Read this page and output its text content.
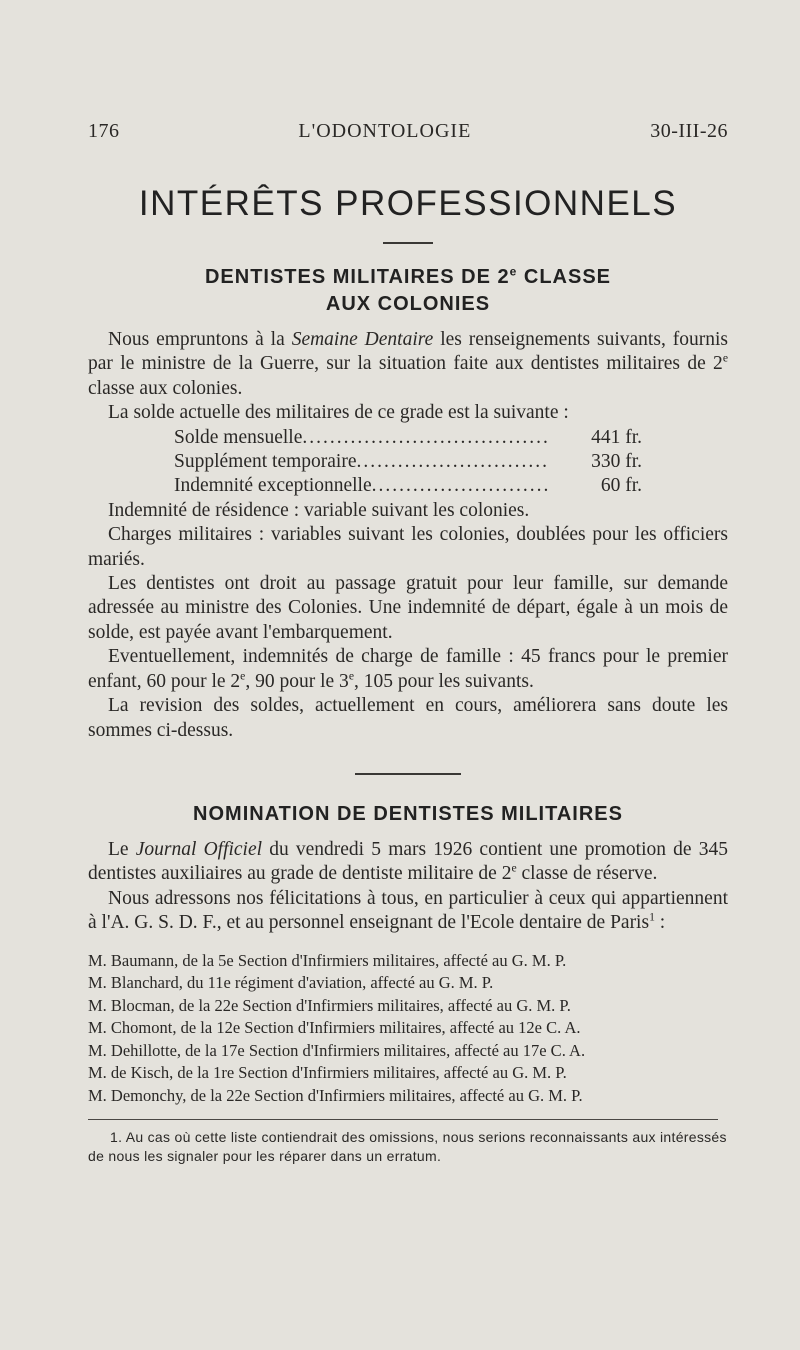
176	L'ODONTOLOGIE	30-III-26
INTÉRÊTS PROFESSIONNELS
DENTISTES MILITAIRES DE 2e CLASSE
AUX COLONIES

Nous empruntons à la Semaine Dentaire les renseignements suivants, fournis par le ministre de la Guerre, sur la situation faite aux dentistes militaires de 2e classe aux colonies.

La solde actuelle des militaires de ce grade est la suivante :

Solde mensuelle .....	441 fr.
Supplément temporaire .....	330 fr.
Indemnité exceptionnelle .....	60 fr.

Indemnité de résidence : variable suivant les colonies.

Charges militaires : variables suivant les colonies, doublées pour les officiers mariés.

Les dentistes ont droit au passage gratuit pour leur famille, sur demande adressée au ministre des Colonies. Une indemnité de départ, égale à un mois de solde, est payée avant l'embarquement.

Eventuellement, indemnités de charge de famille : 45 francs pour le premier enfant, 60 pour le 2e, 90 pour le 3e, 105 pour les suivants.

La revision des soldes, actuellement en cours, améliorera sans doute les sommes ci-dessus.

NOMINATION DE DENTISTES MILITAIRES

Le Journal Officiel du vendredi 5 mars 1926 contient une promotion de 345 dentistes auxiliaires au grade de dentiste militaire de 2e classe de réserve.

Nous adressons nos félicitations à tous, en particulier à ceux qui appartiennent à l'A. G. S. D. F., et au personnel enseignant de l'Ecole dentaire de Paris$^1$ :

M. Baumann, de la 5e Section d'Infirmiers militaires, affecté au G. M. P.
M. Blanchard, du 11e régiment d'aviation, affecté au G. M. P.
M. Blocman, de la 22e Section d'Infirmiers militaires, affecté au G. M. P.
M. Chomont, de la 12e Section d'Infirmiers militaires, affecté au 12e C. A.
M. Dehillotte, de la 17e Section d'Infirmiers militaires, affecté au 17e C. A.
M. de Kisch, de la 1re Section d'Infirmiers militaires, affecté au G. M. P.
M. Demonchy, de la 22e Section d'Infirmiers militaires, affecté au G. M. P.
1. Au cas où cette liste contiendrait des omissions, nous serions reconnaissants aux intéressés de nous les signaler pour les réparer dans un erratum.
